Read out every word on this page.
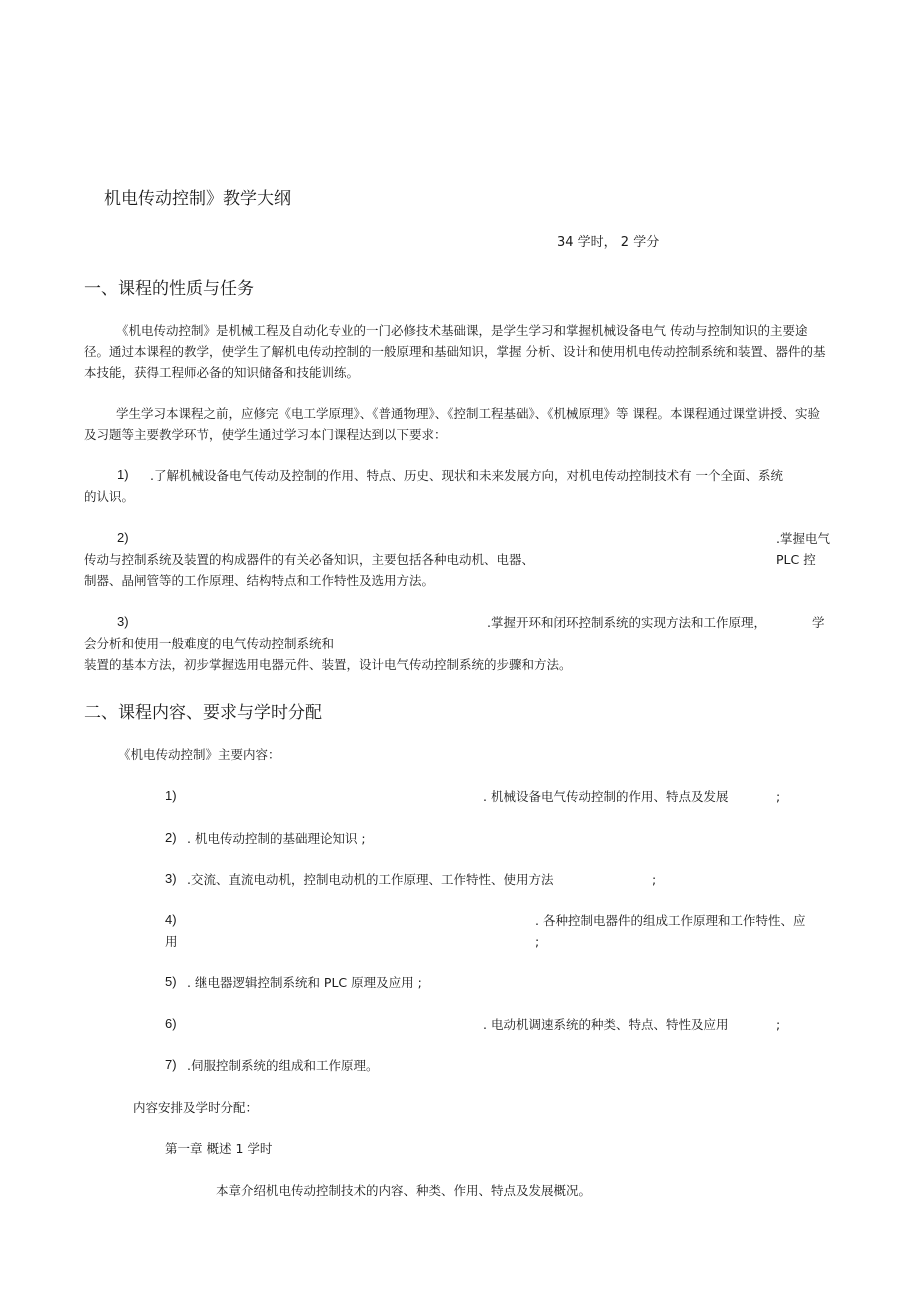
机电传动控制》教学大纲
34 学时， 2 学分
一、课程的性质与任务
《机电传动控制》是机械工程及自动化专业的一门必修技术基础课，是学生学习和掌握机械设备电气 传动与控制知识的主要途径。通过本课程的教学，使学生了解机电传动控制的一般原理和基础知识，掌握 分析、设计和使用机电传动控制系统和装置、器件的基本技能，获得工程师必备的知识储备和技能训练。
学生学习本课程之前，应修完《电工学原理》、《普通物理》、《控制工程基础》、《机械原理》等 课程。本课程通过课堂讲授、实验及习题等主要教学环节，使学生通过学习本门课程达到以下要求：
1) .了解机械设备电气传动及控制的作用、特点、历史、现状和未来发展方向，对机电传动控制技术有 一个全面、系统
的认识。
2)	.掌握电气
传动与控制系统及装置的构成器件的有关必备知识，主要包括各种电动机、电器、	PLC 控
制器、晶闸管等的工作原理、结构特点和工作特性及选用方法。
3)	.掌握开环和闭环控制系统的实现方法和工作原理，	学
会分析和使用一般难度的电气传动控制系统和
装置的基本方法，初步掌握选用电器元件、装置，设计电气传动控制系统的步骤和方法。
二、课程内容、要求与学时分配
《机电传动控制》主要内容：
1)	. 机械设备电气传动控制的作用、特点及发展	;
2) . 机电传动控制的基础理论知识 ;
3) .交流、直流电动机，控制电动机的工作原理、工作特性、使用方法	;
4)	. 各种控制电器件的组成工作原理和工作特性、应
用	;
5) . 继电器逻辑控制系统和 PLC 原理及应用 ;
6)	. 电动机调速系统的种类、特点、特性及应用	;
7) .伺服控制系统的组成和工作原理。
内容安排及学时分配：
第一章 概述 1 学时
本章介绍机电传动控制技术的内容、种类、作用、特点及发展概况。
